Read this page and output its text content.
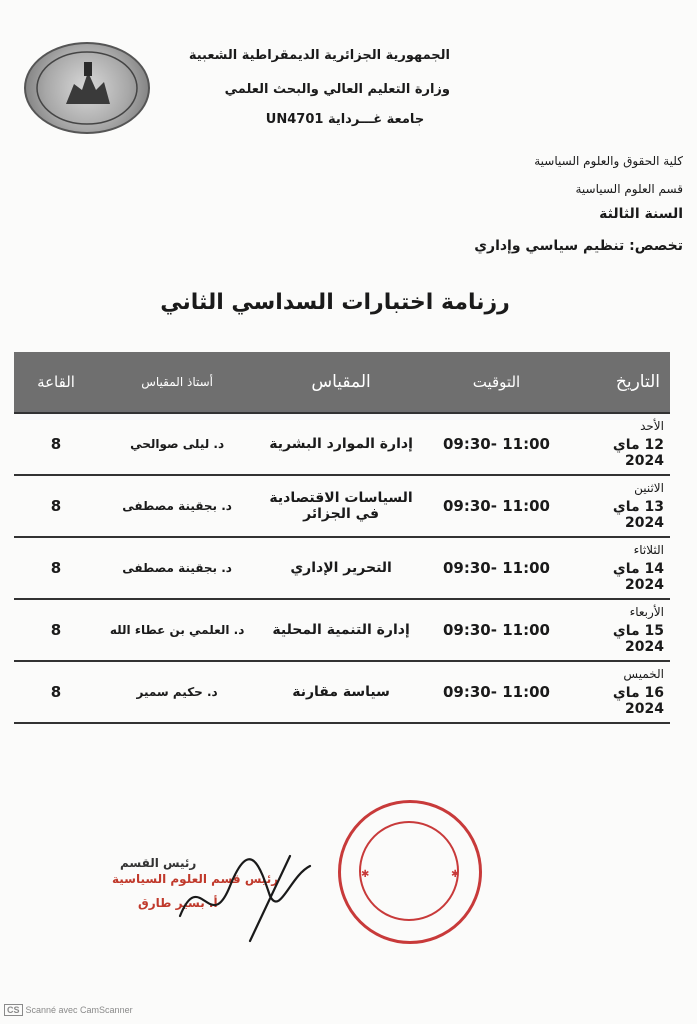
الجمهورية الجزائرية الديمقراطية الشعبية
وزارة التعليم العالي والبحث العلمي
جامعة غـــرداية UN4701
كلية الحقوق والعلوم السياسية
قسم العلوم السياسية
السنة الثالثة
تخصص: تنظيم سياسي وإداري
رزنامة اختبارات السداسي الثاني
التاريخ	التوقيت	المقياس	أستاذ المقياس	القاعة

الأحد
12 ماي 2024	09:30- 11:00	إدارة الموارد البشرية	د. ليلى صوالحي	8

الاثنين
13 ماي 2024	09:30- 11:00	السياسات الاقتصادية في الجزائر	د. بجقينة مصطفى	8

الثلاثاء
14 ماي 2024	09:30- 11:00	التحرير الإداري	د. بجقينة مصطفى	8

الأربعاء
15 ماي 2024	09:30- 11:00	إدارة التنمية المحلية	د. العلمي بن عطاء الله	8

الخميس
16 ماي 2024	09:30- 11:00	سياسة مقارنة	د. حكيم سمير	8
✱	✱
رئيس القسم
رئيس قسم العلوم السياسية
أ. بسير طارق
CS Scanné avec CamScanner
